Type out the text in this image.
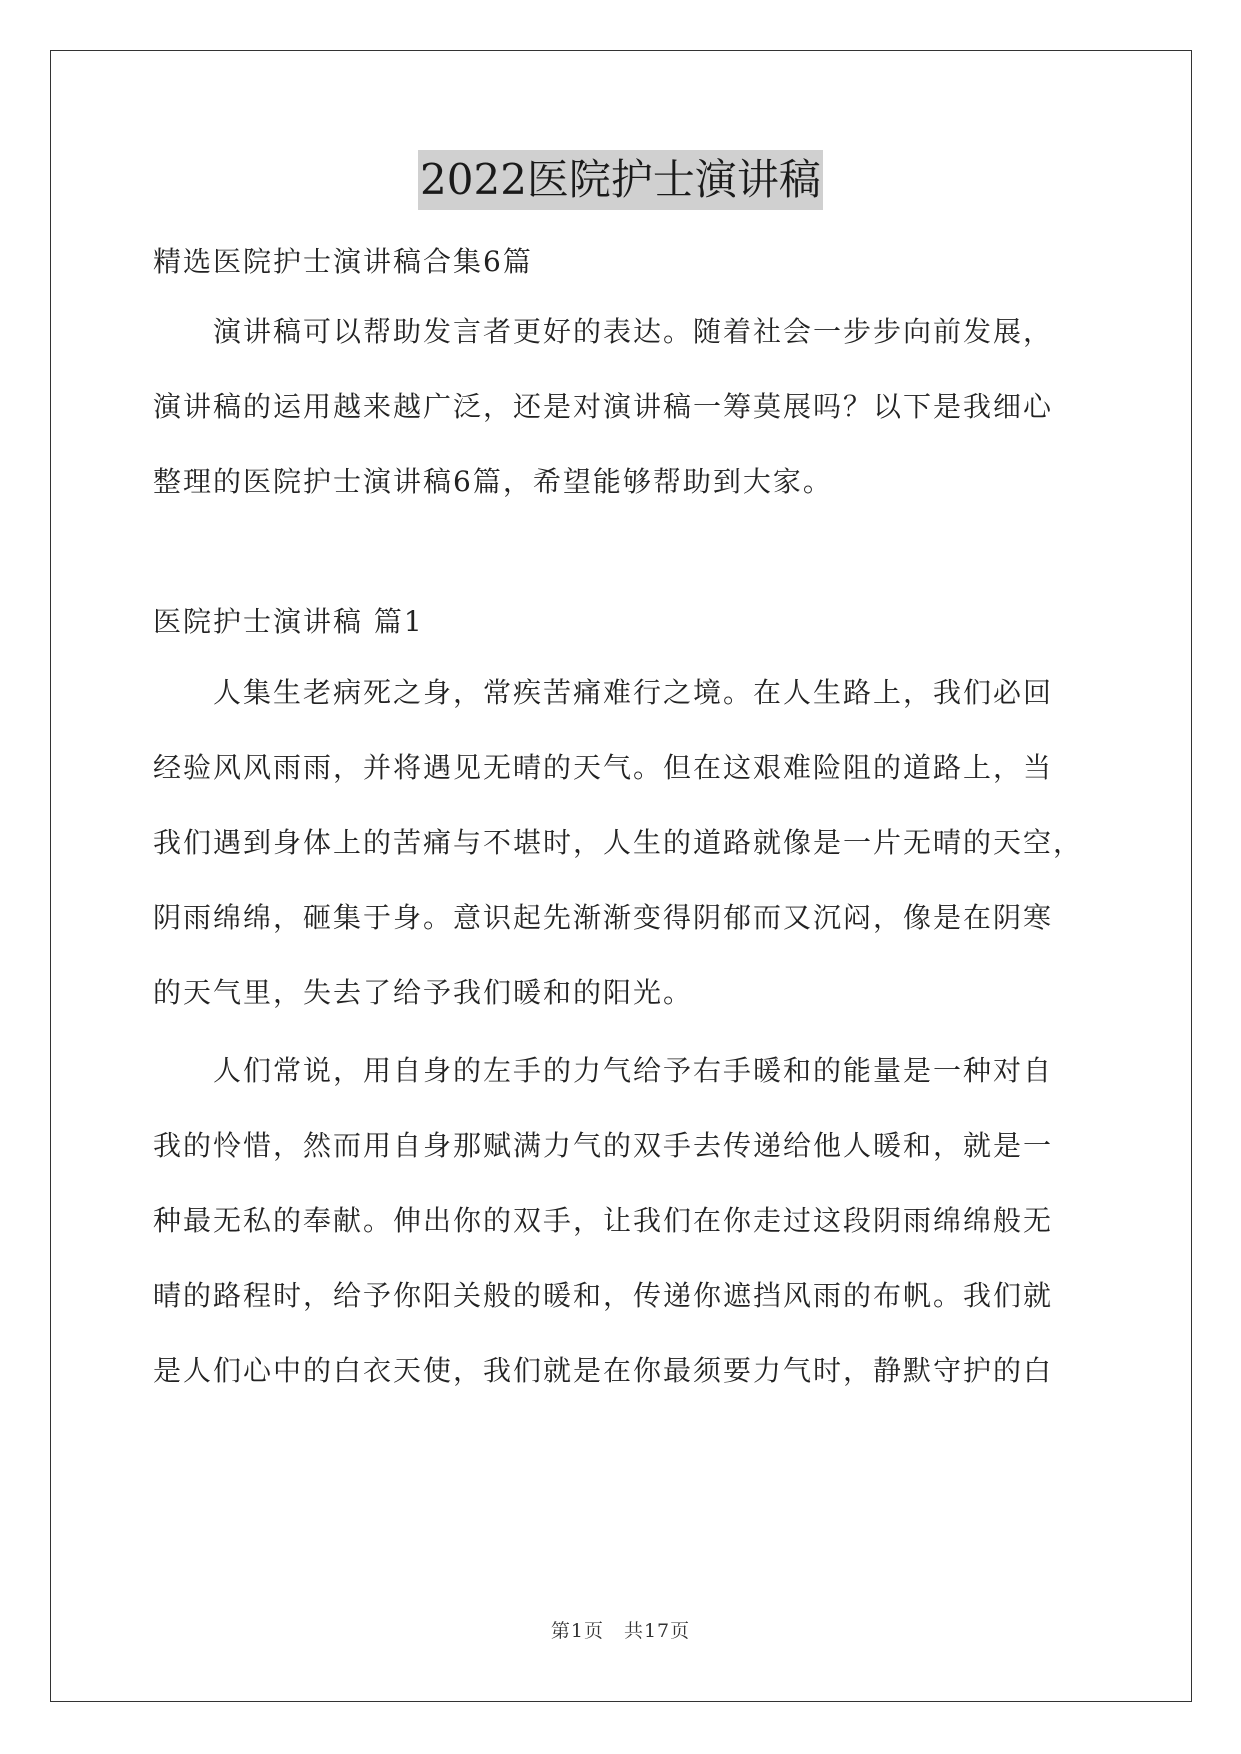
2022医院护士演讲稿
精选医院护士演讲稿合集6篇
演讲稿可以帮助发言者更好的表达。随着社会一步步向前发展，
演讲稿的运用越来越广泛，还是对演讲稿一筹莫展吗？以下是我细心
整理的医院护士演讲稿6篇，希望能够帮助到大家。
医院护士演讲稿 篇1
人集生老病死之身，常疾苦痛难行之境。在人生路上，我们必回
经验风风雨雨，并将遇见无晴的天气。但在这艰难险阻的道路上，当
我们遇到身体上的苦痛与不堪时，人生的道路就像是一片无晴的天空，
阴雨绵绵，砸集于身。意识起先渐渐变得阴郁而又沉闷，像是在阴寒
的天气里，失去了给予我们暖和的阳光。
人们常说，用自身的左手的力气给予右手暖和的能量是一种对自
我的怜惜，然而用自身那赋满力气的双手去传递给他人暖和，就是一
种最无私的奉献。伸出你的双手，让我们在你走过这段阴雨绵绵般无
晴的路程时，给予你阳关般的暖和，传递你遮挡风雨的布帆。我们就
是人们心中的白衣天使，我们就是在你最须要力气时，静默守护的白
第1页　共17页
